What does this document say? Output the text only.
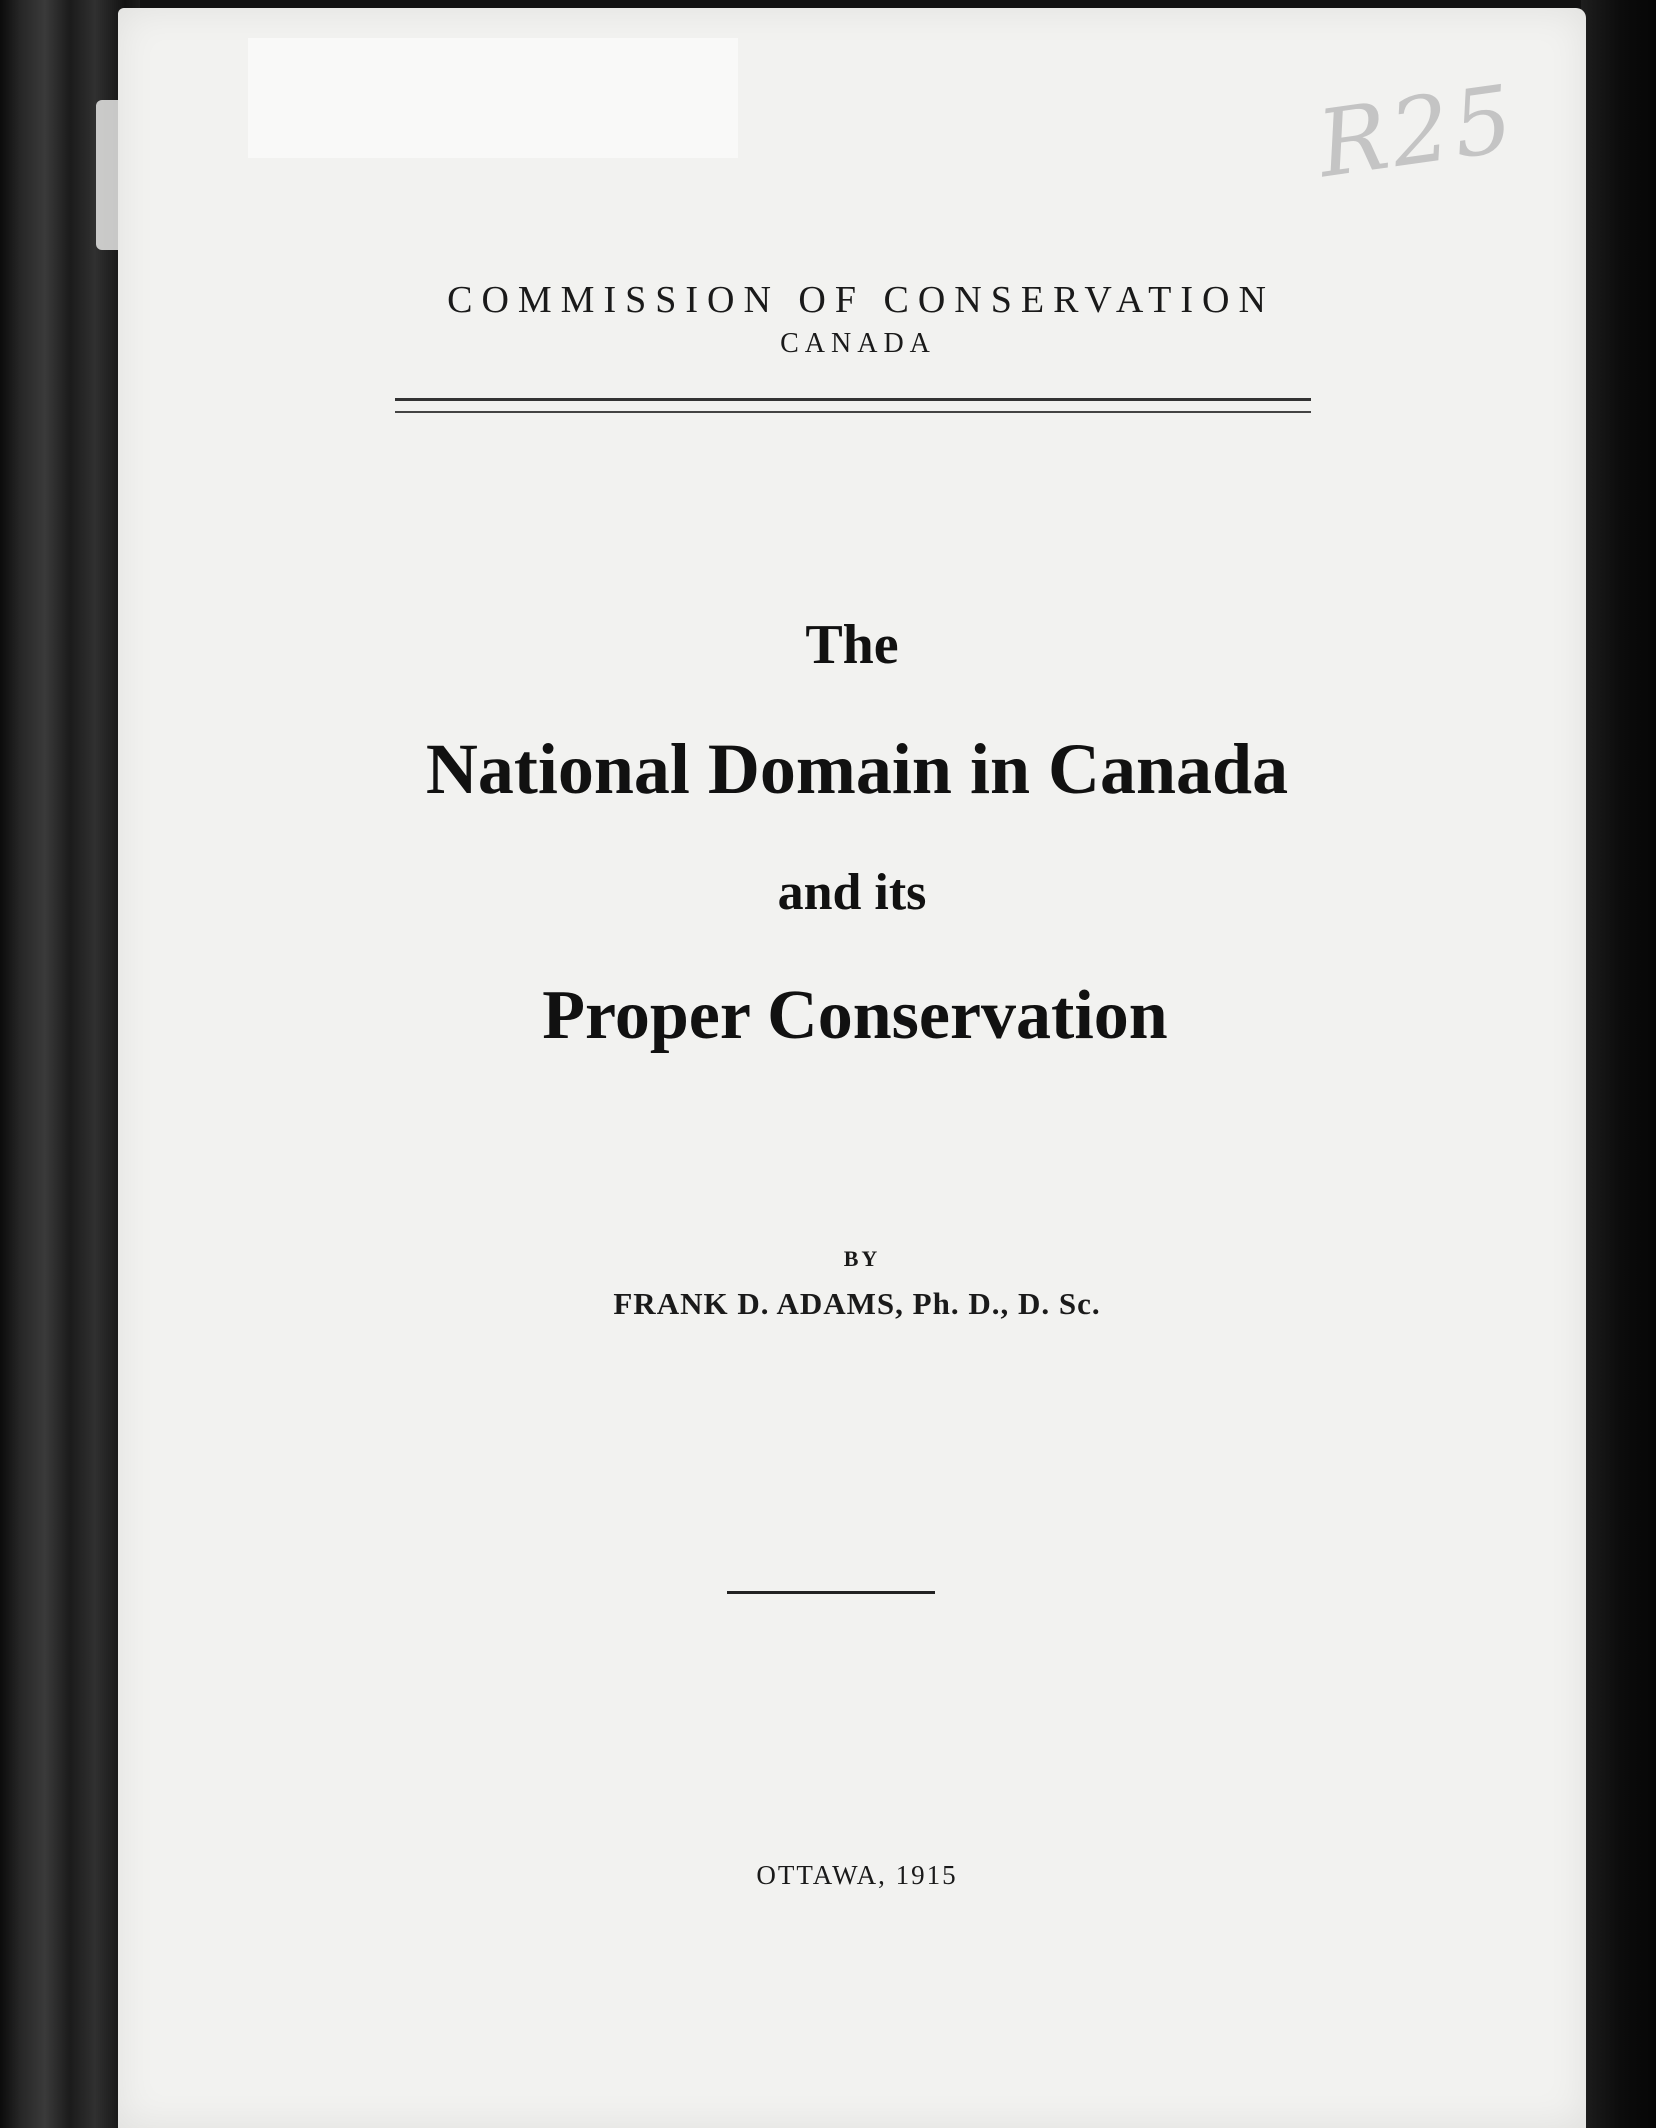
R25
COMMISSION OF CONSERVATION
CANADA
The
National Domain in Canada
and its
Proper Conservation
BY
FRANK D. ADAMS, Ph. D., D. Sc.
OTTAWA, 1915
